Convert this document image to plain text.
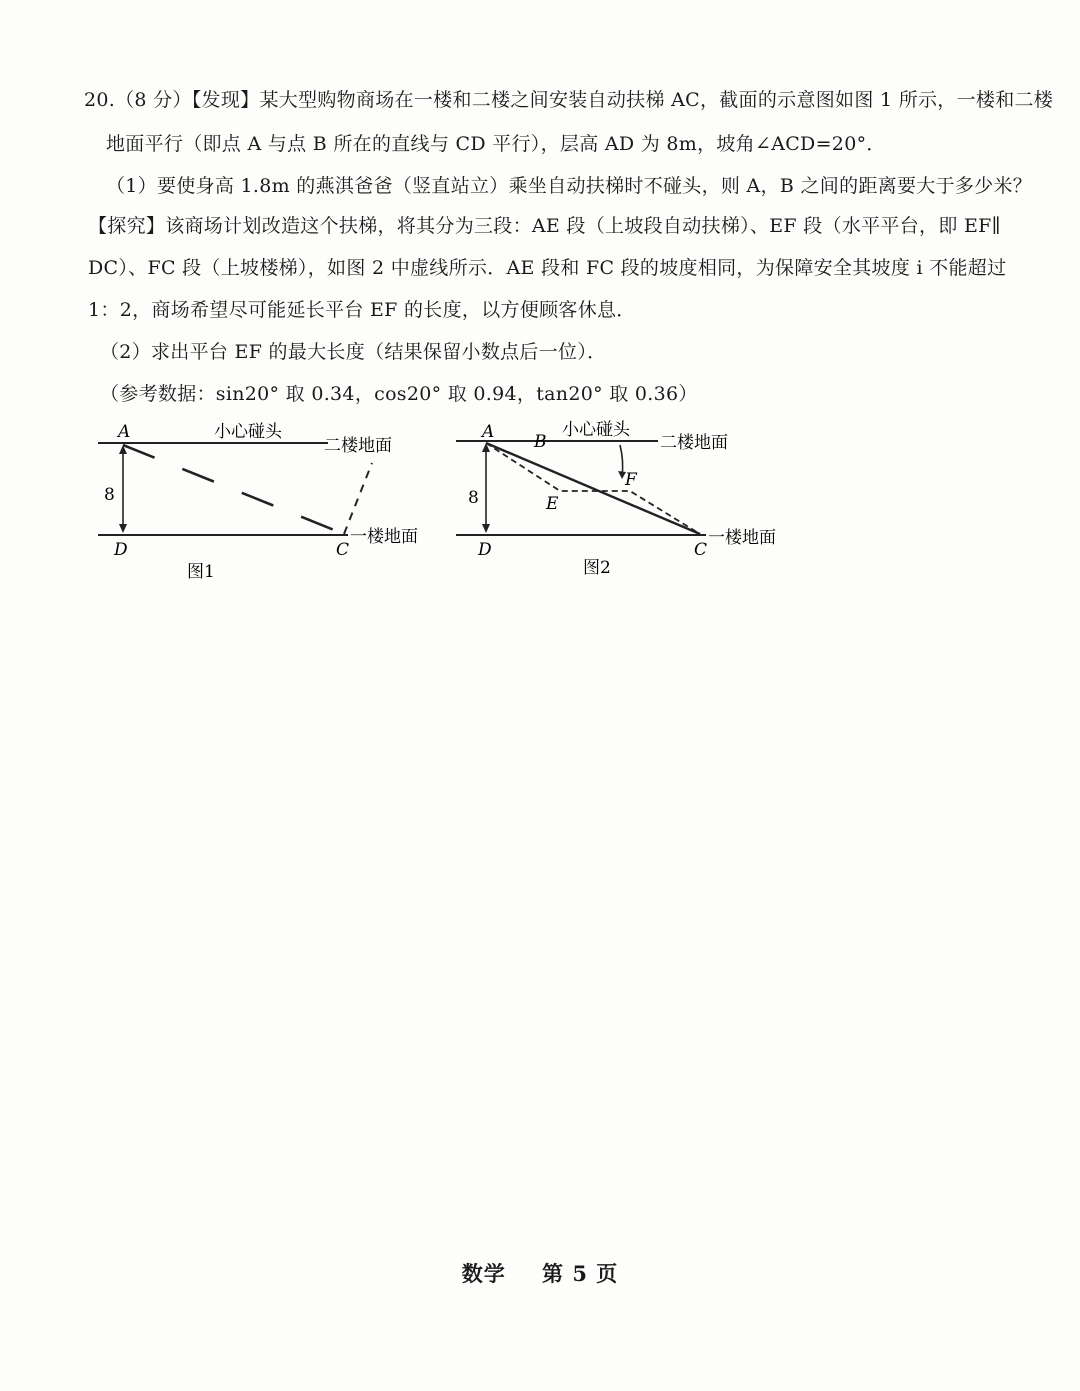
20.（8 分）【发现】某大型购物商场在一楼和二楼之间安装自动扶梯 AC，截面的示意图如图 1 所示，一楼和二楼
地面平行（即点 A 与点 B 所在的直线与 CD 平行），层高 AD 为 8m，坡角∠ACD=20°．
（1）要使身高 1.8m 的燕淇爸爸（竖直站立）乘坐自动扶梯时不碰头，则 A，B 之间的距离要大于多少米？
【探究】该商场计划改造这个扶梯，将其分为三段：AE 段（上坡段自动扶梯）、EF 段（水平平台，即 EF∥
DC）、FC 段（上坡楼梯），如图 2 中虚线所示．AE 段和 FC 段的坡度相同，为保障安全其坡度 i 不能超过
1：2，商场希望尽可能延长平台 EF 的长度，以方便顾客休息．
（2）求出平台 EF 的最大长度（结果保留小数点后一位）．
（参考数据：sin20° 取 0.34，cos20° 取 0.94，tan20° 取 0.36）
A
D	C
8
小心碰头
二楼地面
一楼地面
图1
A B
D	C
E
F
8
小心碰头
二楼地面
一楼地面
图2
数学 第 5 页
